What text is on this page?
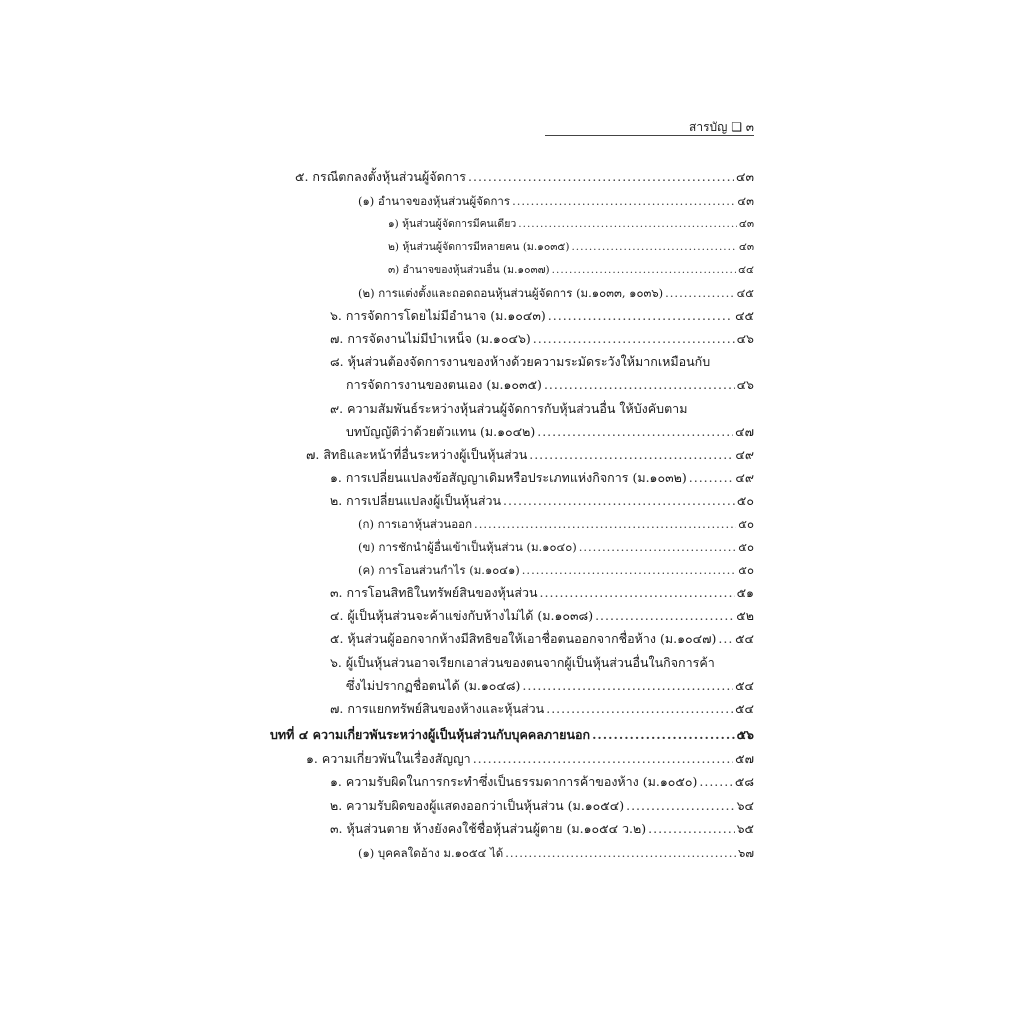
สารบัญ ❑ ๓
๕. กรณีตกลงตั้งหุ้นส่วนผู้จัดการ .....	๔๓
(๑) อำนาจของหุ้นส่วนผู้จัดการ .....	๔๓
๑) หุ้นส่วนผู้จัดการมีคนเดียว .....	๔๓
๒) หุ้นส่วนผู้จัดการมีหลายคน (ม.๑๐๓๕) .....	๔๓
๓) อำนาจของหุ้นส่วนอื่น (ม.๑๐๓๗) .....	๔๔
(๒) การแต่งตั้งและถอดถอนหุ้นส่วนผู้จัดการ (ม.๑๐๓๓, ๑๐๓๖) .....	๔๕
๖. การจัดการโดยไม่มีอำนาจ (ม.๑๐๔๓) .....	๔๕
๗. การจัดงานไม่มีบำเหน็จ (ม.๑๐๔๖) .....	๔๖
๘. หุ้นส่วนต้องจัดการงานของห้างด้วยความระมัดระวังให้มากเหมือนกับ
การจัดการงานของตนเอง (ม.๑๐๓๕) .....	๔๖
๙. ความสัมพันธ์ระหว่างหุ้นส่วนผู้จัดการกับหุ้นส่วนอื่น ให้บังคับตาม
บทบัญญัติว่าด้วยตัวแทน (ม.๑๐๔๒) .....	๔๗
๗. สิทธิและหน้าที่อื่นระหว่างผู้เป็นหุ้นส่วน .....	๔๙
๑. การเปลี่ยนแปลงข้อสัญญาเดิมหรือประเภทแห่งกิจการ (ม.๑๐๓๒) .....	๔๙
๒. การเปลี่ยนแปลงผู้เป็นหุ้นส่วน .....	๕๐
(ก) การเอาหุ้นส่วนออก .....	๕๐
(ข) การชักนำผู้อื่นเข้าเป็นหุ้นส่วน (ม.๑๐๔๐) .....	๕๐
(ค) การโอนส่วนกำไร (ม.๑๐๔๑) .....	๕๐
๓. การโอนสิทธิในทรัพย์สินของหุ้นส่วน .....	๕๑
๔. ผู้เป็นหุ้นส่วนจะค้าแข่งกับห้างไม่ได้ (ม.๑๐๓๘) .....	๕๒
๕. หุ้นส่วนผู้ออกจากห้างมีสิทธิขอให้เอาชื่อตนออกจากชื่อห้าง (ม.๑๐๔๗) ..... ๕๔
๖. ผู้เป็นหุ้นส่วนอาจเรียกเอาส่วนของตนจากผู้เป็นหุ้นส่วนอื่นในกิจการค้า
ซึ่งไม่ปรากฏชื่อตนได้ (ม.๑๐๔๘) .....	๕๔
๗. การแยกทรัพย์สินของห้างและหุ้นส่วน .....	๕๔
บทที่ ๔ ความเกี่ยวพันระหว่างผู้เป็นหุ้นส่วนกับบุคคลภายนอก .....	๕๖
๑. ความเกี่ยวพันในเรื่องสัญญา .....	๕๗
๑. ความรับผิดในการกระทำซึ่งเป็นธรรมดาการค้าของห้าง (ม.๑๐๕๐) .....	๕๘
๒. ความรับผิดของผู้แสดงออกว่าเป็นหุ้นส่วน (ม.๑๐๕๔) .....	๖๔
๓. หุ้นส่วนตาย ห้างยังคงใช้ชื่อหุ้นส่วนผู้ตาย (ม.๑๐๕๔ ว.๒) .....	๖๕
(๑) บุคคลใดอ้าง ม.๑๐๕๔ ได้ .....	๖๗
